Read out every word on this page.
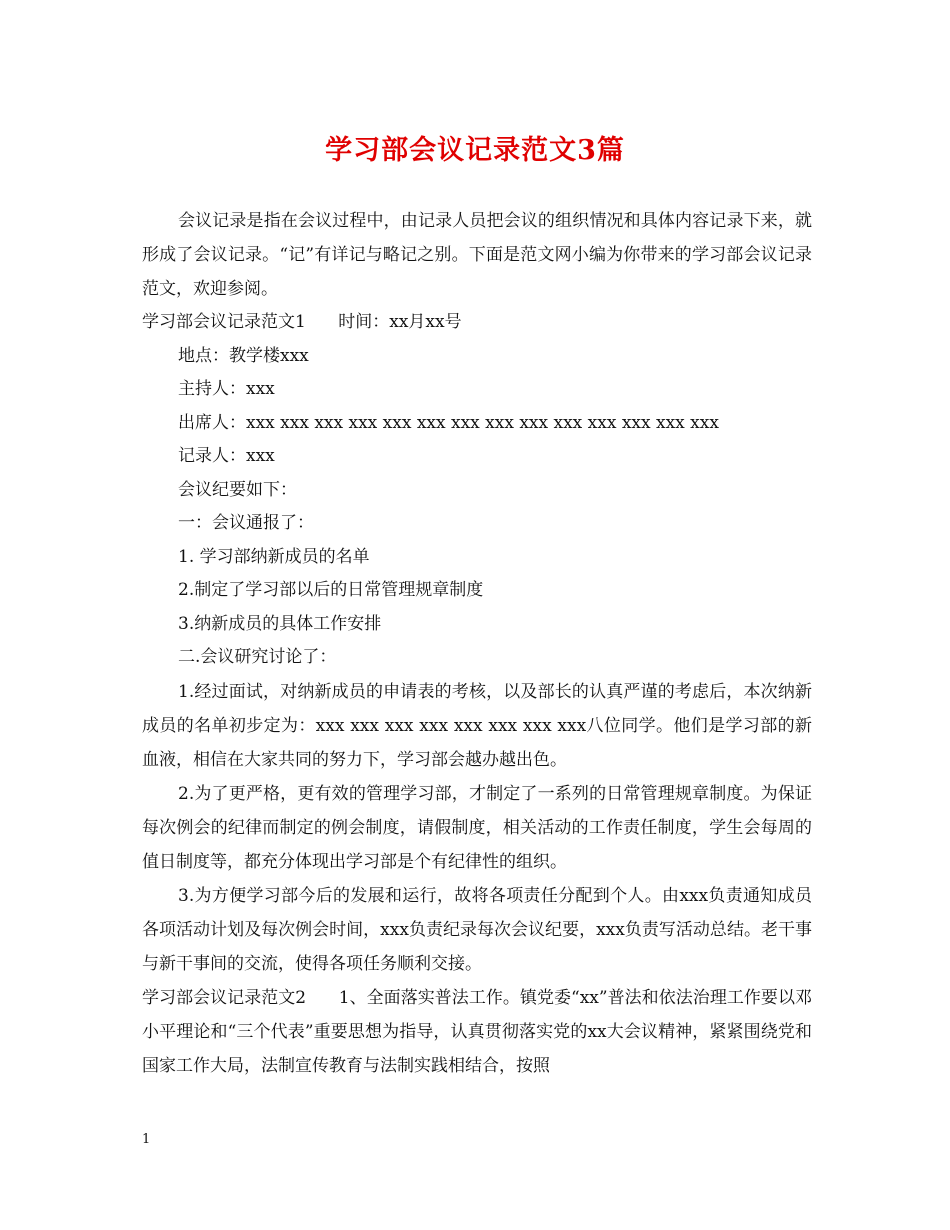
学习部会议记录范文3篇

会议记录是指在会议过程中，由记录人员把会议的组织情况和具体内容记录下来，就形成了会议记录。“记”有详记与略记之别。下面是范文网小编为你带来的学习部会议记录范文，欢迎参阅。

学习部会议记录范文1      时间：xx月xx号

地点：教学楼xxx

主持人：xxx

出席人：xxx xxx xxx xxx xxx xxx xxx xxx xxx xxx xxx xxx xxx xxx

记录人：xxx

会议纪要如下：

一：会议通报了：

1. 学习部纳新成员的名单

2.制定了学习部以后的日常管理规章制度

3.纳新成员的具体工作安排

二.会议研究讨论了：

1.经过面试，对纳新成员的申请表的考核，以及部长的认真严谨的考虑后，本次纳新成员的名单初步定为：xxx xxx xxx xxx xxx xxx xxx xxx八位同学。他们是学习部的新血液，相信在大家共同的努力下，学习部会越办越出色。

2.为了更严格，更有效的管理学习部，才制定了一系列的日常管理规章制度。为保证每次例会的纪律而制定的例会制度，请假制度，相关活动的工作责任制度，学生会每周的值日制度等，都充分体现出学习部是个有纪律性的组织。

3.为方便学习部今后的发展和运行，故将各项责任分配到个人。由xxx负责通知成员各项活动计划及每次例会时间，xxx负责纪录每次会议纪要，xxx负责写活动总结。老干事与新干事间的交流，使得各项任务顺利交接。

学习部会议记录范文2      1、全面落实普法工作。镇党委“xx”普法和依法治理工作要以邓小平理论和“三个代表”重要思想为指导，认真贯彻落实党的xx大会议精神，紧紧围绕党和国家工作大局，法制宣传教育与法制实践相结合，按照

1
